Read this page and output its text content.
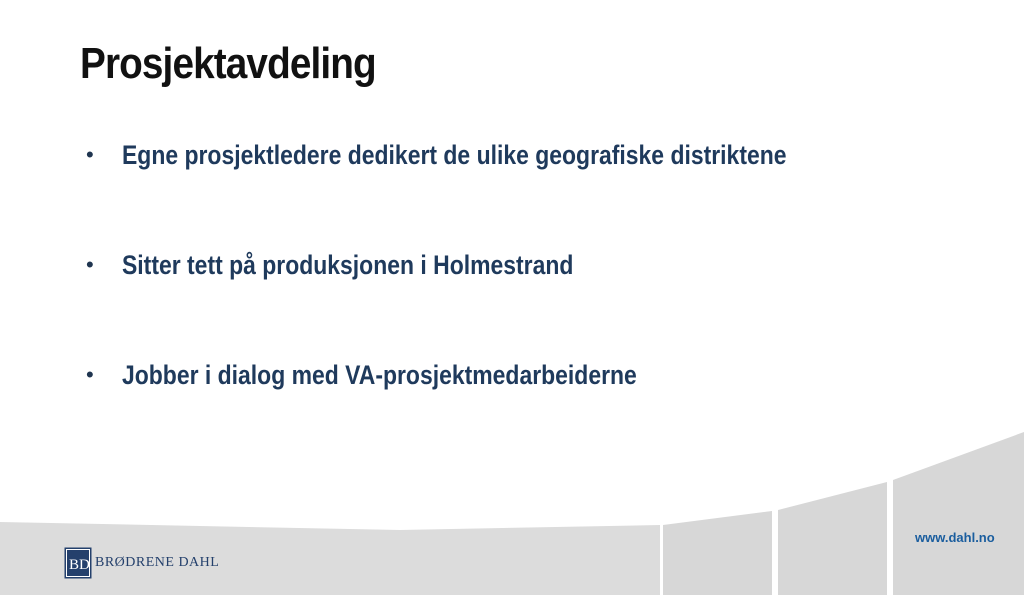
Prosjektavdeling
• Egne prosjektledere dedikert de ulike geografiske distriktene
• Sitter tett på produksjonen i Holmestrand
• Jobber i dialog med VA-prosjektmedarbeiderne
www.dahl.no
BD BRØDRENE DAHL
